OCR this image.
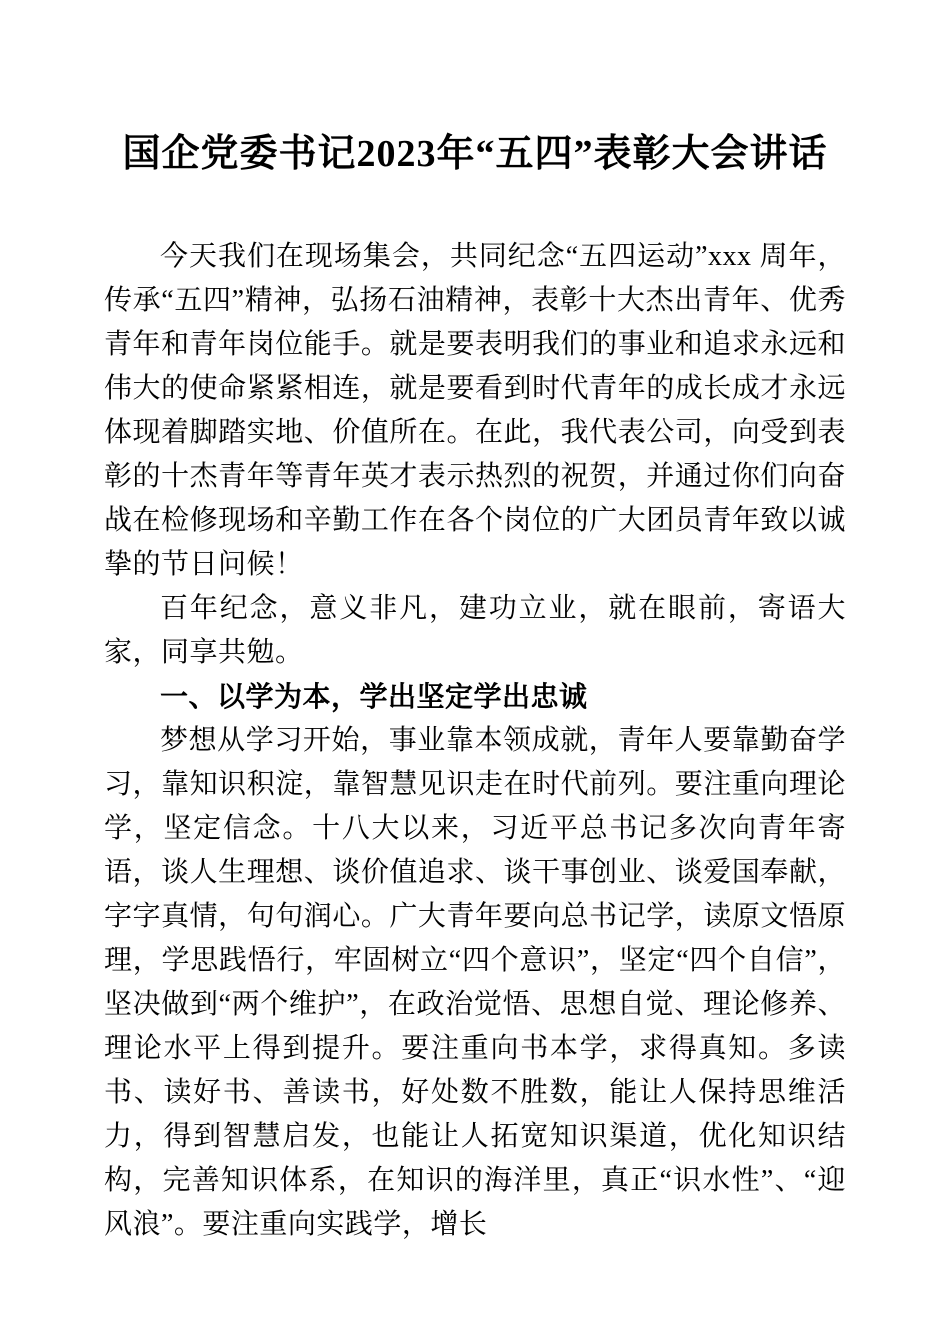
国企党委书记2023年“五四”表彰大会讲话

今天我们在现场集会，共同纪念“五四运动”xxx 周年，传承“五四”精神，弘扬石油精神，表彰十大杰出青年、优秀青年和青年岗位能手。就是要表明我们的事业和追求永远和伟大的使命紧紧相连，就是要看到时代青年的成长成才永远体现着脚踏实地、价值所在。在此，我代表公司，向受到表彰的十杰青年等青年英才表示热烈的祝贺，并通过你们向奋战在检修现场和辛勤工作在各个岗位的广大团员青年致以诚挚的节日问候！

百年纪念，意义非凡，建功立业，就在眼前，寄语大家，同享共勉。

一、以学为本，学出坚定学出忠诚

梦想从学习开始，事业靠本领成就，青年人要靠勤奋学习，靠知识积淀，靠智慧见识走在时代前列。要注重向理论学，坚定信念。十八大以来，习近平总书记多次向青年寄语，谈人生理想、谈价值追求、谈干事创业、谈爱国奉献，字字真情，句句润心。广大青年要向总书记学，读原文悟原理，学思践悟行，牢固树立“四个意识”，坚定“四个自信”，坚决做到“两个维护”，在政治觉悟、思想自觉、理论修养、理论水平上得到提升。要注重向书本学，求得真知。多读书、读好书、善读书，好处数不胜数，能让人保持思维活力，得到智慧启发，也能让人拓宽知识渠道，优化知识结构，完善知识体系，在知识的海洋里，真正“识水性”、“迎风浪”。要注重向实践学，增长
